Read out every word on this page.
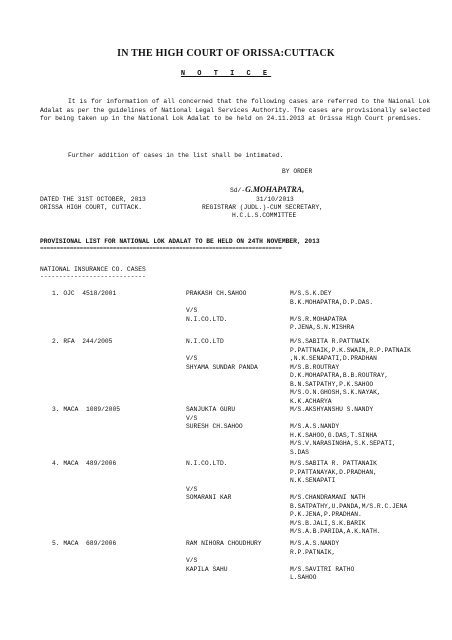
IN THE HIGH COURT OF ORISSA:CUTTACK
N O T I C E
It is for information of all concerned that the following cases are referred to the Naional Lok Adalat as per the guidelines of National Legal Services Authority. The cases are provisionally selected for being taken up in the National Lok Adalat to be held on 24.11.2013 at Orissa High Court premises.
Further addition of cases in the list shall be intimated.
BY ORDER
Sd/-G.MOHAPATRA,
DATED THE 31ST OCTOBER, 2013	31/10/2013
ORISSA HIGH COURT, CUTTACK.	REGISTRAR (JUDL.)-CUM SECRETARY,
H.C.L.S.COMMITTEE
PROVISIONAL LIST FOR NATIONAL LOK ADALAT TO BE HELD ON 24TH NOVEMBER, 2013
=========================================================================
NATIONAL INSURANCE CO. CASES
----------------------------
1. OJC  4518/2001	PRAKASH CH.SAHOO	M/S.S.K.DEY
B.K.MOHAPATRA,D.P.DAS.
V/S
N.I.CO.LTD.	M/S.R.MOHAPATRA
P.JENA,S.N.MISHRA
2. RFA  244/2005	N.I.CO.LTD	M/S.SABITA R.PATTNAIK
P.PATTNAIK,P.K.SWAIN,R.P.PATNAIK
V/S	,N.K.SENAPATI,D.PRADHAN
SHYAMA SUNDAR PANDA	M/S.B.ROUTRAY
D.K.MOHAPATRA,B.B.ROUTRAY,
B.N.SATPATHY,P.K.SAHOO
M/S.O.N.GHOSH,S.K.NAYAK,
K.K.ACHARYA
3. MACA  1089/2005	SANJUKTA GURU	M/S.AKSHYANSHU S.NANDY
V/S
SURESH CH.SAHOO	M/S.A.S.NANDY
H.K.SAHOO,G.DAS,T.SINHA
M/S.V.NARASINGHA,S.K.SEPATI,
S.DAS
4. MACA  489/2006	N.I.CO.LTD.	M/S.SABITA R. PATTANAIK
P.PATTANAYAK,D.PRADHAN,
N.K.SENAPATI
V/S
SOMARANI KAR	M/S.CHANDRAMANI NATH
B.SATPATHY,U.PANDA,M/S.R.C.JENA
P.K.JENA,P.PRADHAN.
M/S.B.JALI,S.K.BARIK
M/S.A.B.PARIDA,A.K.NATH.
5. MACA  689/2006	RAM NIHORA CHOUDHURY	M/S.A.S.NANDY
R.P.PATNAIK,
V/S
KAPILA SAHU	M/S.SAVITRI RATHO
L.SAHOO
